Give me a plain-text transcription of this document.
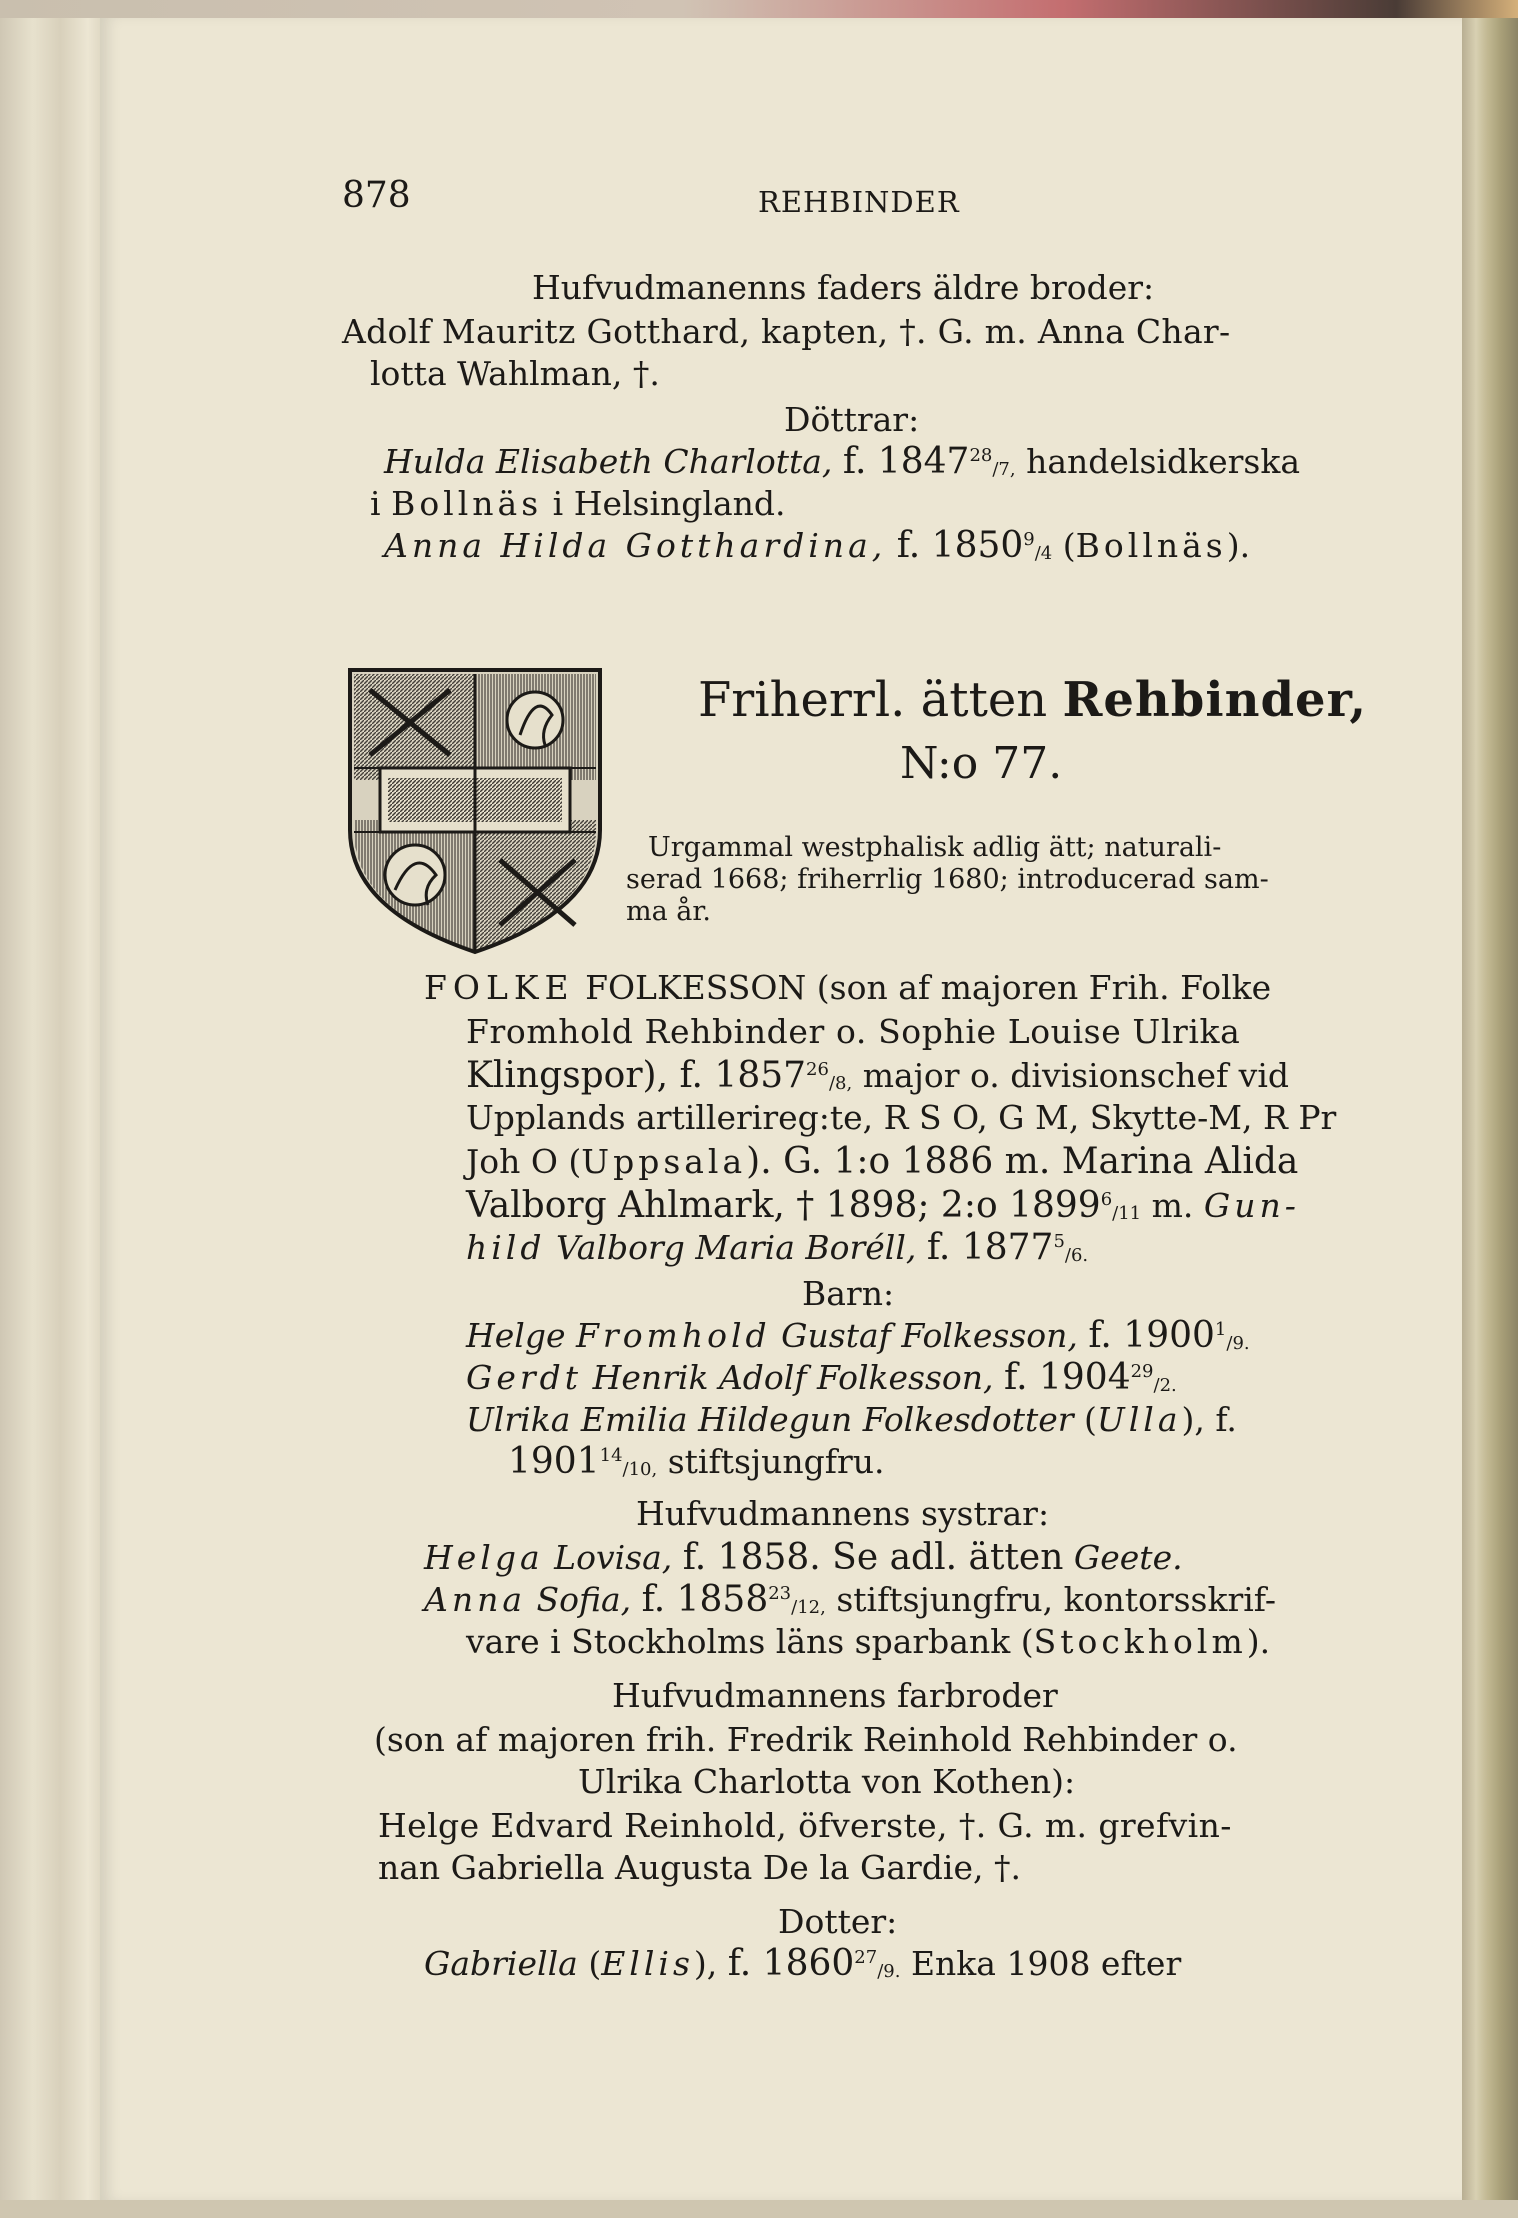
878	REHBINDER
Hufvudmanenns faders äldre broder:
Adolf Mauritz Gotthard, kapten, †. G. m. Anna Char-
lotta Wahlman, †.
Döttrar:
Hulda Elisabeth Charlotta, f. $1847^{28}_{/7,}$ handelsidkerska
i Bollnäs i Helsingland.
Anna Hilda Gotthardina, f. $1850^9_{/4}$ (Bollnäs).
Friherrl. ätten Rehbinder,
N:o 77.
Urgammal westphalisk adlig ätt; naturali-
serad 1668; friherrlig 1680; introducerad sam-
ma år.
FOLKE FOLKESSON (son af majoren Frih. Folke
Fromhold Rehbinder o. Sophie Louise Ulrika
Klingspor), f. $1857^{26}_{/8,}$ major o. divisionschef vid
Upplands artillerireg:te, R S O, G M, Skytte-M, R Pr
Joh O (Uppsala). G. 1:o 1886 m. Marina Alida
Valborg Ahlmark, † 1898; 2:o $1899^6_{/11}$ m. Gun-
hild Valborg Maria Boréll, f. $1877^5_{/6.}$
Barn:
Helge Fromhold Gustaf Folkesson, f. $1900^1_{/9.}$
Gerdt Henrik Adolf Folkesson, f. $1904^{29}_{/2.}$
Ulrika Emilia Hildegun Folkesdotter (Ulla), f.
$1901^{14}_{/10,}$ stiftsjungfru.
Hufvudmannens systrar:
Helga Lovisa, f. 1858. Se adl. ätten Geete.
Anna Sofia, f. $1858^{23}_{/12,}$ stiftsjungfru, kontorsskrif-
vare i Stockholms läns sparbank (Stockholm).
Hufvudmannens farbroder
(son af majoren frih. Fredrik Reinhold Rehbinder o.
Ulrika Charlotta von Kothen):
Helge Edvard Reinhold, öfverste, †. G. m. grefvin-
nan Gabriella Augusta De la Gardie, †.
Dotter:
Gabriella (Ellis), f. $1860^{27}_{/9.}$ Enka 1908 efter
